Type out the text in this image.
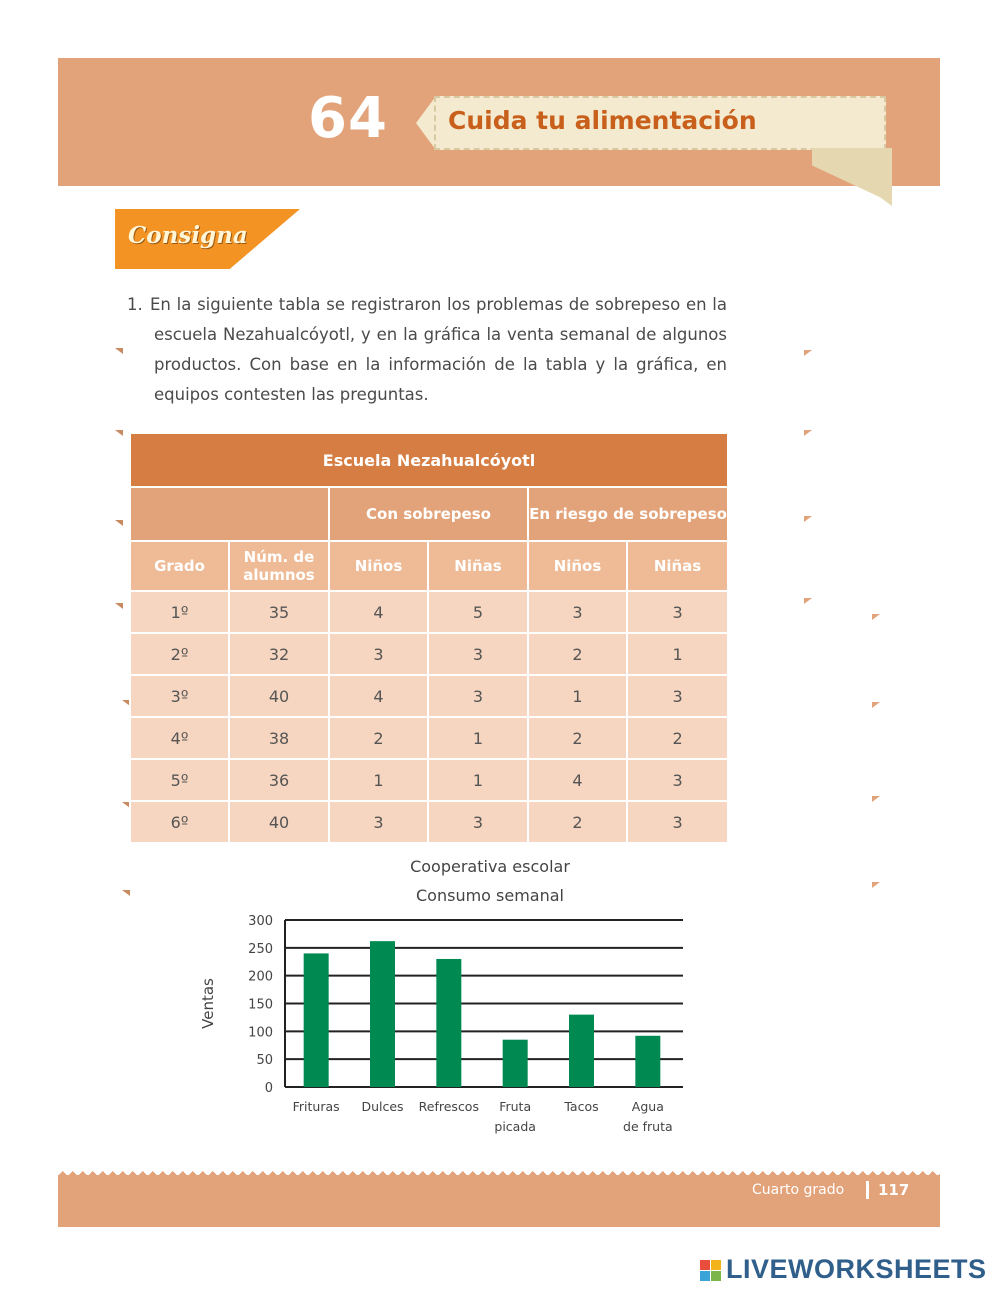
64 Cuida tu alimentación
Consigna
1. En la siguiente tabla se registraron los problemas de sobrepeso en la escuela Nezahualcóyotl, y en la gráfica la venta semanal de algunos productos. Con base en la información de la tabla y la gráfica, en equipos contesten las preguntas.
Escuela Nezahualcóyotl					
		Con sobrepeso		En riesgo de sobrepeso	
Grado	Núm. de alumnos	Niños	Niñas	Niños	Niñas
1º	35	4	5	3	3
2º	32	3	3	2	1
3º	40	4	3	1	3
4º	38	2	1	2	2
5º	36	1	1	4	3
6º	40	3	3	2	3
Cooperativa escolar
Consumo semanal
0
50
100
150
200
250
300
Ventas
Frituras Dulces Refrescos Fruta
picada
Tacos	Agua
de fruta
Cuarto grado 117
LIVEWORKSHEETS
